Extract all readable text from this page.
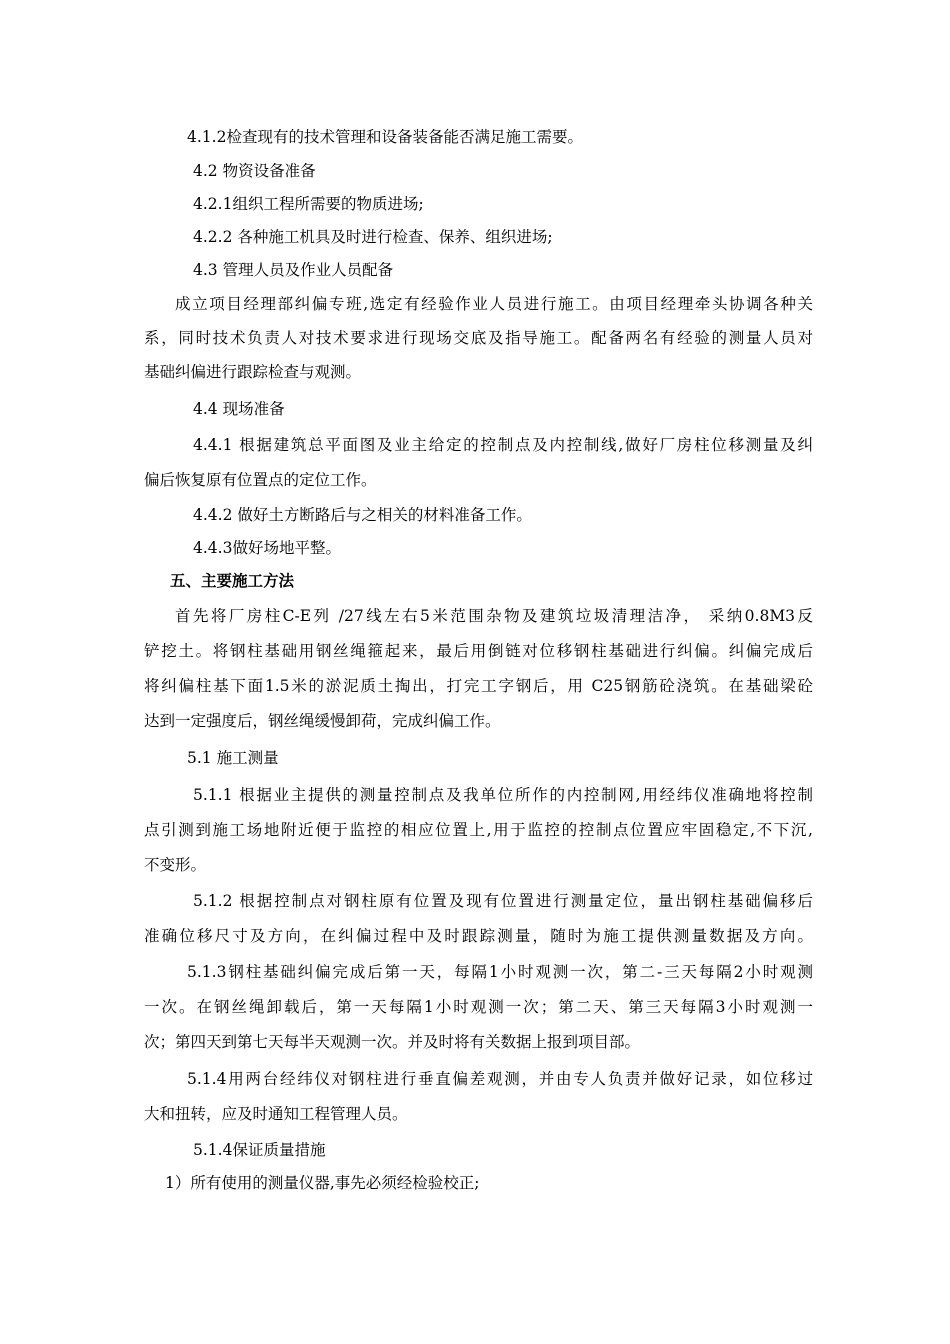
4.1.2检查现有的技术管理和设备装备能否满足施工需要。
4.2 物资设备准备
4.2.1组织工程所需要的物质进场;
4.2.2 各种施工机具及时进行检查、保养、组织进场;
4.3 管理人员及作业人员配备
成立项目经理部纠偏专班,选定有经验作业人员进行施工。由项目经理牵头协调各种关
系，同时技术负责人对技术要求进行现场交底及指导施工。配备两名有经验的测量人员对
基础纠偏进行跟踪检查与观测。
4.4 现场准备
4.4.1 根据建筑总平面图及业主给定的控制点及内控制线,做好厂房柱位移测量及纠
偏后恢复原有位置点的定位工作。
4.4.2 做好土方断路后与之相关的材料准备工作。
4.4.3做好场地平整。
五、主要施工方法
首先将厂房柱C-E列 /27线左右5米范围杂物及建筑垃圾清理洁净， 采纳0.8M3反
铲挖土。将钢柱基础用钢丝绳箍起来，最后用倒链对位移钢柱基础进行纠偏。纠偏完成后
将纠偏柱基下面1.5米的淤泥质土掏出，打完工字钢后，用 C25钢筋砼浇筑。在基础梁砼
达到一定强度后，钢丝绳缓慢卸荷，完成纠偏工作。
5.1 施工测量
5.1.1 根据业主提供的测量控制点及我单位所作的内控制网,用经纬仪准确地将控制
点引测到施工场地附近便于监控的相应位置上,用于监控的控制点位置应牢固稳定,不下沉,
不变形。
5.1.2 根据控制点对钢柱原有位置及现有位置进行测量定位，量出钢柱基础偏移后
准确位移尺寸及方向，在纠偏过程中及时跟踪测量，随时为施工提供测量数据及方向。
5.1.3钢柱基础纠偏完成后第一天，每隔1小时观测一次，第二-三天每隔2小时观测
一次。在钢丝绳卸载后，第一天每隔1小时观测一次；第二天、第三天每隔3小时观测一
次；第四天到第七天每半天观测一次。并及时将有关数据上报到项目部。
5.1.4用两台经纬仪对钢柱进行垂直偏差观测，并由专人负责并做好记录，如位移过
大和扭转，应及时通知工程管理人员。
5.1.4保证质量措施
1）所有使用的测量仪器,事先必须经检验校正;
